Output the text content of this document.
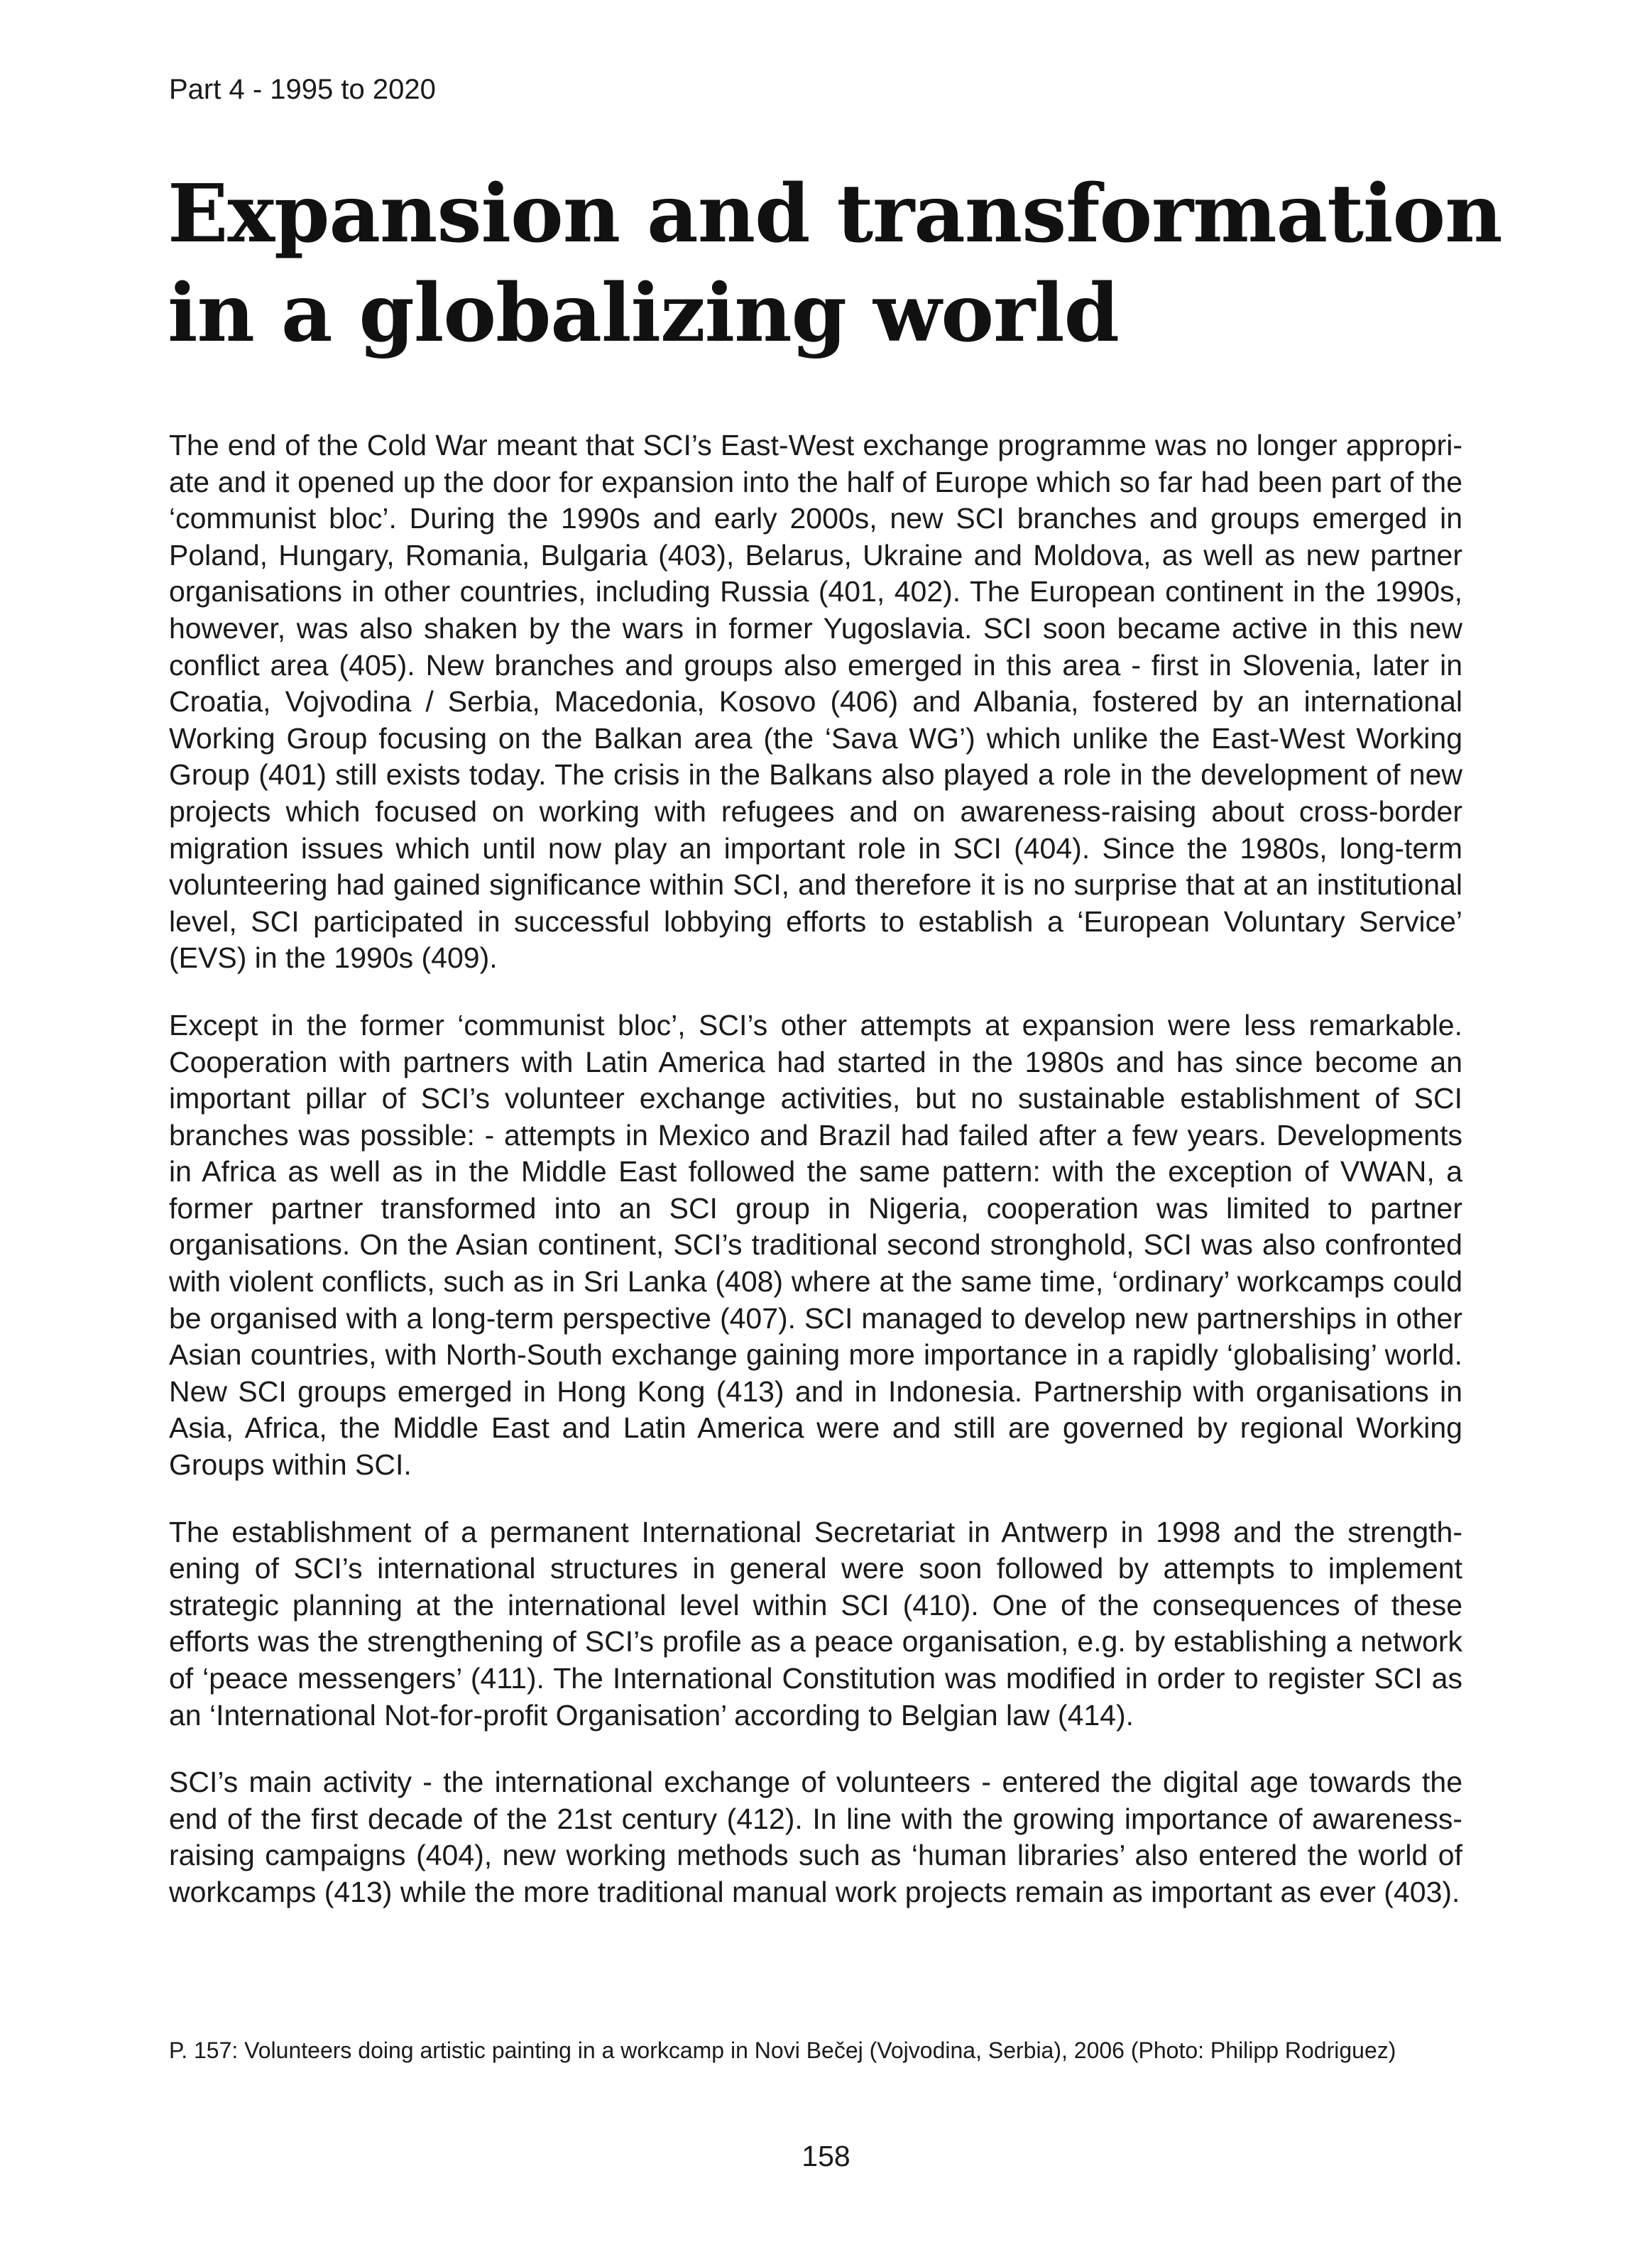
Part 4 - 1995 to 2020

Expansion and transformation
in a globalizing world

The end of the Cold War meant that SCI’s East-West exchange programme was no longer appropriate and it opened up the door for expansion into the half of Europe which so far had been part of the ‘communist bloc’. During the 1990s and early 2000s, new SCI branches and groups emerged in Poland, Hungary, Romania, Bulgaria (403), Belarus, Ukraine and Moldova, as well as new partner organisations in other countries, including Russia (401, 402). The European continent in the 1990s, however, was also shaken by the wars in former Yugoslavia. SCI soon became active in this new conflict area (405). New branches and groups also emerged in this area - first in Slovenia, later in Croatia, Vojvodina / Serbia, Macedonia, Kosovo (406) and Albania, fostered by an international Working Group focusing on the Balkan area (the ‘Sava WG’) which unlike the East-West Working Group (401) still exists today. The crisis in the Balkans also played a role in the development of new projects which focused on working with refugees and on awareness-raising about cross-border migration issues which until now play an important role in SCI (404). Since the 1980s, long-term volunteering had gained significance within SCI, and therefore it is no surprise that at an institutional level, SCI participated in successful lobbying efforts to establish a ‘European Voluntary Service’ (EVS) in the 1990s (409).

Except in the former ‘communist bloc’, SCI’s other attempts at expansion were less remarkable. Cooperation with partners with Latin America had started in the 1980s and has since become an important pillar of SCI’s volunteer exchange activities, but no sustainable establishment of SCI branches was possible: - attempts in Mexico and Brazil had failed after a few years. Developments in Africa as well as in the Middle East followed the same pattern: with the exception of VWAN, a former partner transformed into an SCI group in Nigeria, cooperation was limited to partner organisations. On the Asian continent, SCI’s traditional second stronghold, SCI was also confronted with violent conflicts, such as in Sri Lanka (408) where at the same time, ‘ordinary’ workcamps could be organised with a long-term perspective (407). SCI managed to develop new partnerships in other Asian countries, with North-South exchange gaining more importance in a rapidly ‘globalising’ world. New SCI groups emerged in Hong Kong (413) and in Indonesia. Partnership with organisations in Asia, Africa, the Middle East and Latin America were and still are governed by regional Working Groups within SCI.

The establishment of a permanent International Secretariat in Antwerp in 1998 and the strengthening of SCI’s international structures in general were soon followed by attempts to implement strategic planning at the international level within SCI (410). One of the consequences of these efforts was the strengthening of SCI’s profile as a peace organisation, e.g. by establishing a network of ‘peace messengers’ (411). The International Constitution was modified in order to register SCI as an ‘International Not-for-profit Organisation’ according to Belgian law (414).

SCI’s main activity - the international exchange of volunteers - entered the digital age towards the end of the first decade of the 21st century (412). In line with the growing importance of awareness-raising campaigns (404), new working methods such as ‘human libraries’ also entered the world of workcamps (413) while the more traditional manual work projects remain as important as ever (403).

P. 157: Volunteers doing artistic painting in a workcamp in Novi Bečej (Vojvodina, Serbia), 2006 (Photo: Philipp Rodriguez)

158
